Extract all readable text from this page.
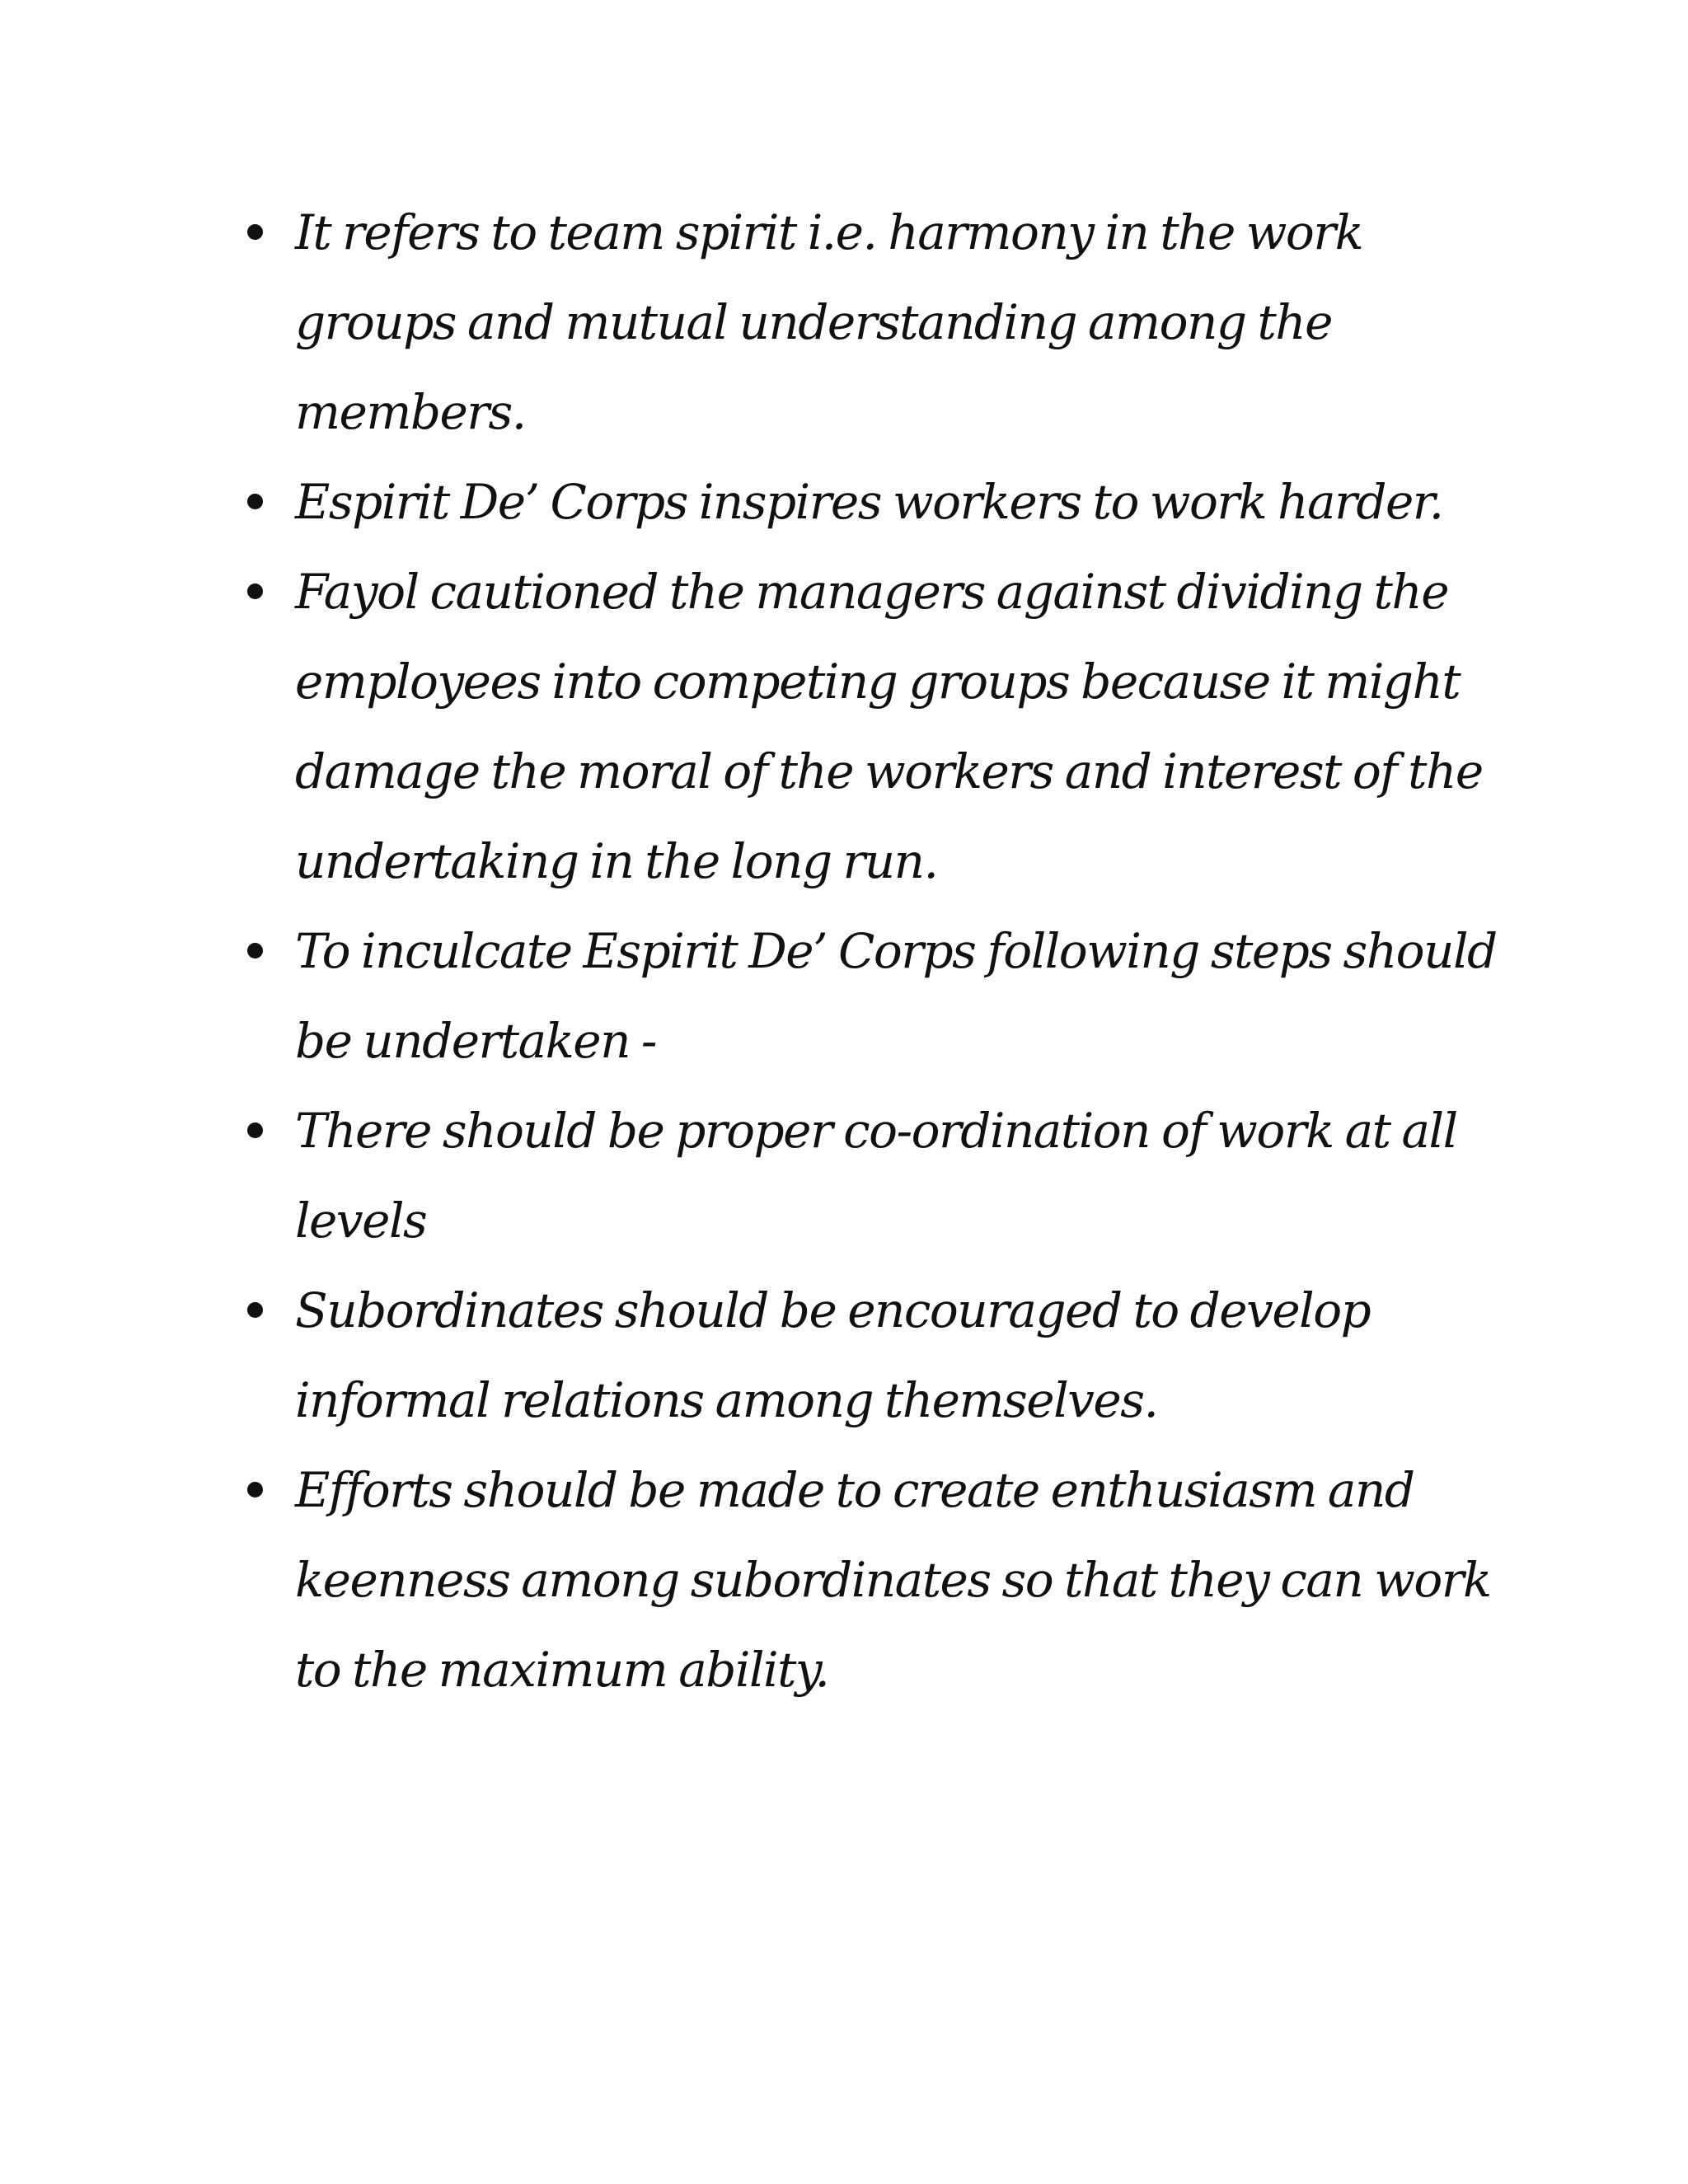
It refers to team spirit i.e. harmony in the work groups and mutual understanding among the members.
Espirit De’ Corps inspires workers to work harder.
Fayol cautioned the managers against dividing the employees into competing groups because it might damage the moral of the workers and interest of the undertaking in the long run.
To inculcate Espirit De’ Corps following steps should be undertaken -
There should be proper co-ordination of work at all levels
Subordinates should be encouraged to develop informal relations among themselves.
Efforts should be made to create enthusiasm and keenness among subordinates so that they can work to the maximum ability.
